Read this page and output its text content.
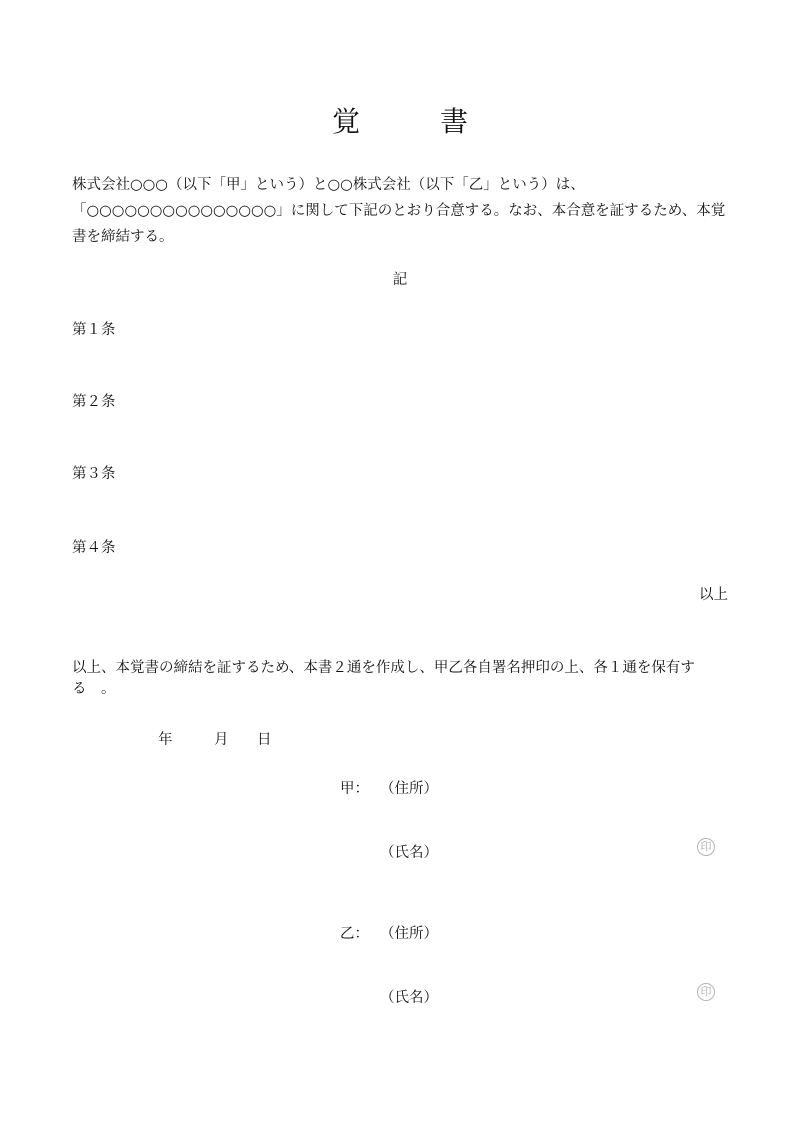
覚　書
株式会社○○○（以下「甲」という）と○○株式会社（以下「乙」という）は、「○○○○○○○○○○○○○○○」に関して下記のとおり合意する。なお、本合意を証するため、本覚書を締結する。
記
第１条
第２条
第３条
第４条
以上
以上、本覚書の締結を証するため、本書２通を作成し、甲乙各自署名押印の上、各１通を保有する　。
年	月 日
甲： （住所）
（氏名）	印
乙： （住所）
（氏名）	印
